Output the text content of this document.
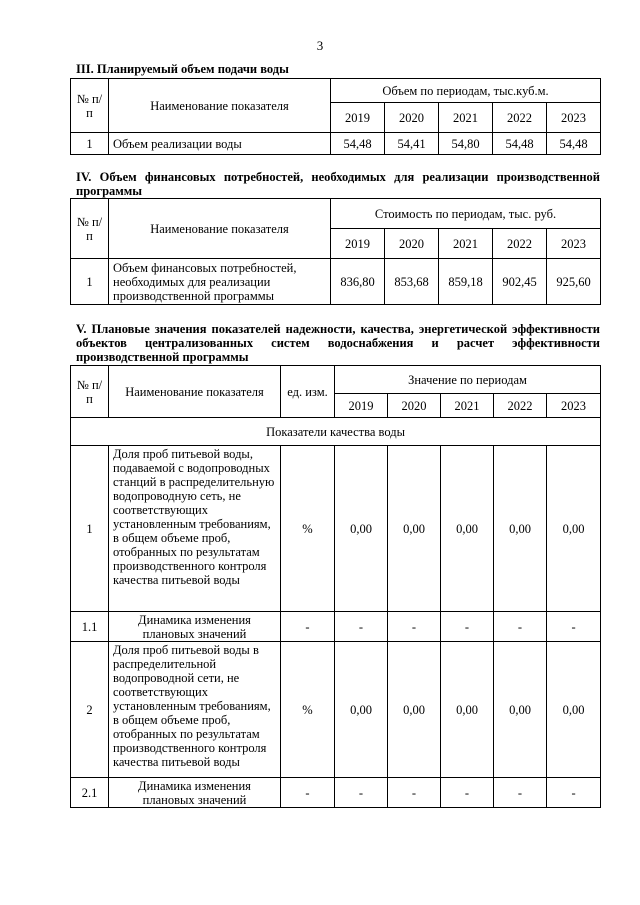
3
III. Планируемый объем подачи воды
№ п/п	Наименование показателя	Объем по периодам, тыс.куб.м.				
		2019	2020	2021	2022	2023
1	Объем реализации воды	54,48	54,41	54,80	54,48	54,48
IV. Объем финансовых потребностей, необходимых для реализации производственной программы
№ п/п	Наименование показателя	Стоимость по периодам, тыс. руб.				
		2019	2020	2021	2022	2023
1	Объем финансовых потребностей, необходимых для реализации производственной программы	836,80	853,68	859,18	902,45	925,60
V. Плановые значения показателей надежности, качества, энергетической эффективности объектов централизованных систем водоснабжения и расчет эффективности производственной программы
№ п/п	Наименование показателя	ед. изм.	Значение по периодам				
			2019	2020	2021	2022	2023
Показатели качества воды							
1	Доля проб питьевой воды, подаваемой с водопроводных станций в распределительную водопроводную сеть, не соответствующих установленным требованиям, в общем объеме проб, отобранных по результатам производственного контроля качества питьевой воды	%	0,00	0,00	0,00	0,00	0,00
1.1	Динамика изменения плановых значений	-	-	-	-	-	-
2	Доля проб питьевой воды в распределительной водопроводной сети, не соответствующих установленным требованиям, в общем объеме проб, отобранных по результатам производственного контроля качества питьевой воды	%	0,00	0,00	0,00	0,00	0,00
2.1	Динамика изменения плановых значений	-	-	-	-	-	-
